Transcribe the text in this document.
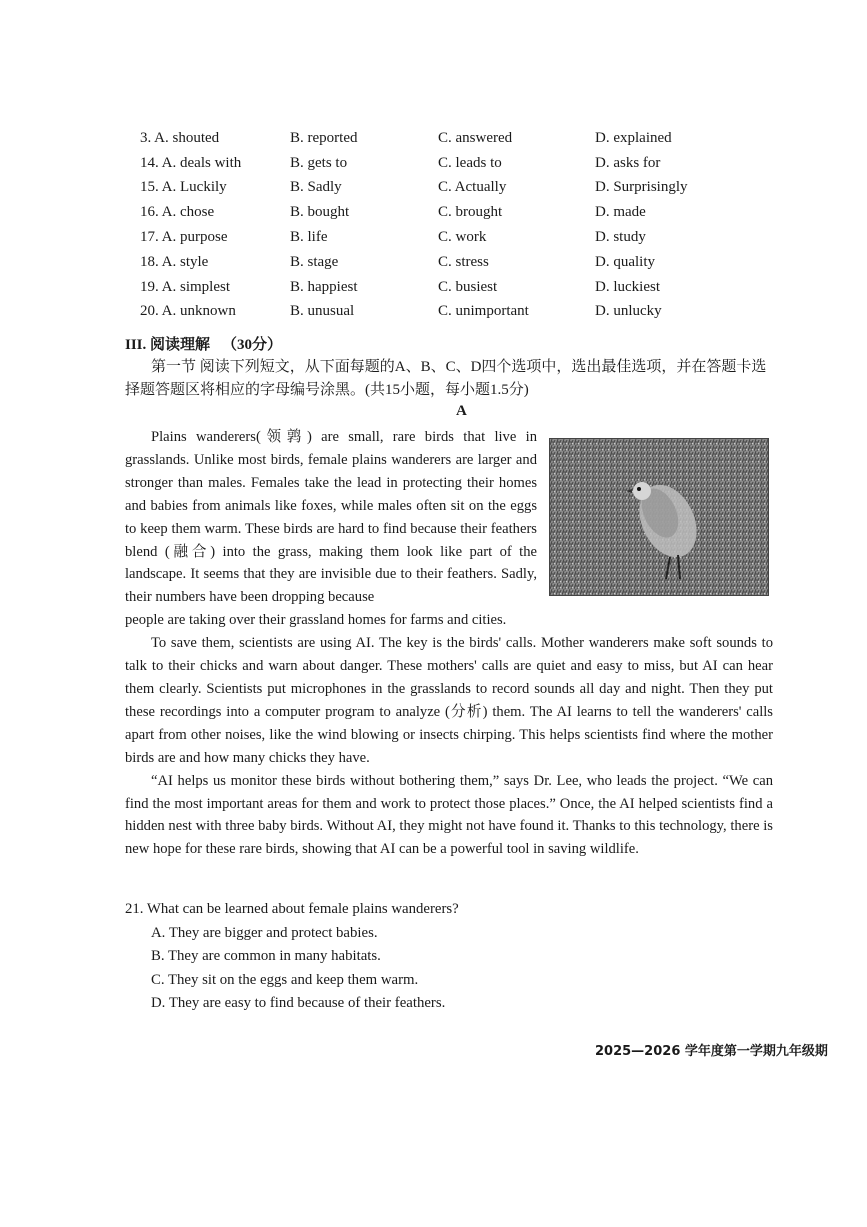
3. A. shouted	B. reported	C. answered	D. explained
14. A. deals with	B. gets to	C. leads to	D. asks for
15. A. Luckily	B. Sadly	C. Actually	D. Surprisingly
16. A. chose	B. bought	C. brought	D. made
17. A. purpose	B. life	C. work	D. study
18. A. style	B. stage	C. stress	D. quality
19. A. simplest	B. happiest	C. busiest	D. luckiest
20. A. unknown	B. unusual	C. unimportant	D. unlucky
III. 阅读理解 （30分）

第一节 阅读下列短文，从下面每题的A、B、C、D四个选项中，选出最佳选项，并在答题卡选择题答题区将相应的字母编号涂黑。(共15小题，每小题1.5分)

A

Plains wanderers(领鹑) are small, rare birds that live in grasslands. Unlike most birds, female plains wanderers are larger and stronger than males. Females take the lead in protecting their homes and babies from animals like foxes, while males often sit on the eggs to keep them warm. These birds are hard to find because their feathers blend (融合) into the grass, making them look like part of the landscape. It seems that they are invisible due to their feathers. Sadly, their numbers have been dropping because

people are taking over their grassland homes for farms and cities.

To save them, scientists are using AI. The key is the birds' calls. Mother wanderers make soft sounds to talk to their chicks and warn about danger. These mothers' calls are quiet and easy to miss, but AI can hear them clearly. Scientists put microphones in the grasslands to record sounds all day and night. Then they put these recordings into a computer program to analyze (分析) them. The AI learns to tell the wanderers' calls apart from other noises, like the wind blowing or insects chirping. This helps scientists find where the mother birds are and how many chicks they have.

“AI helps us monitor these birds without bothering them,” says Dr. Lee, who leads the project. “We can find the most important areas for them and work to protect those places.” Once, the AI helped scientists find a hidden nest with three baby birds. Without AI, they might not have found it. Thanks to this technology, there is new hope for these rare birds, showing that AI can be a powerful tool in saving wildlife.

21. What can be learned about female plains wanderers?

A. They are bigger and protect babies.

B. They are common in many habitats.

C. They sit on the eggs and keep them warm.

D. They are easy to find because of their feathers.

2025—2026 学年度第一学期九年级期
